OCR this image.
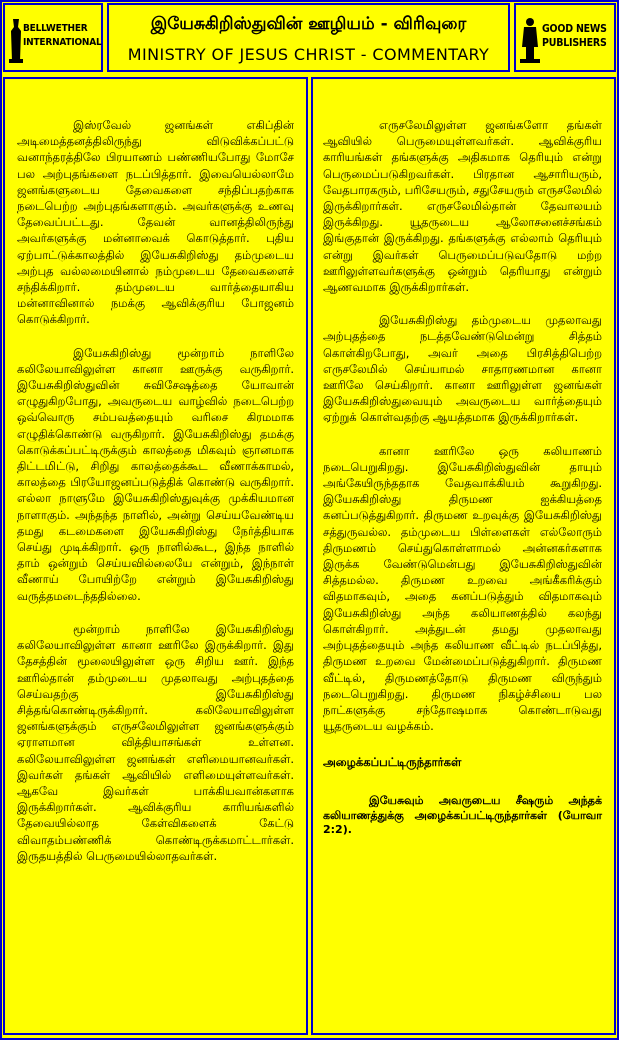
BELLWETHER
INTERNATIONAL
இயேசுகிறிஸ்துவின் ஊழியம் - விரிவுரை
MINISTRY OF JESUS CHRIST - COMMENTARY
GOOD NEWS
PUBLISHERS

இஸ்ரவேல் ஜனங்கள் எகிப்தின் அடிமைத்தனத்திலிருந்து விடுவிக்கப்பட்டு வனாந்தரத்திலே பிரயாணம் பண்ணியபோது மோசே பல அற்புதங்களை நடப்பித்தார். இவையெல்லாமே ஜனங்களுடைய தேவைகளை சந்திப்பதற்காக நடைபெற்ற அற்புதங்களாகும். அவர்களுக்கு உணவு தேவைப்பட்டது. தேவன் வானத்திலிருந்து அவர்களுக்கு மன்னாவைக் கொடுத்தார். புதிய ஏற்பாட்டுக்காலத்தில் இயேசுகிறிஸ்து தம்முடைய அற்புத வல்லமையினால் நம்முடைய தேவைகளைச் சந்திக்கிறார். தம்முடைய வார்த்தையாகிய மன்னாவினால் நமக்கு ஆவிக்குரிய போஜனம் கொடுக்கிறார்.

இயேசுகிறிஸ்து மூன்றாம் நாளிலே கலிலேயாவிலுள்ள கானா ஊருக்கு வருகிறார். இயேசுகிறிஸ்துவின் சுவிசேஷத்தை யோவான் எழுதுகிறபோது, அவருடைய வாழ்வில் நடைபெற்ற ஒவ்வொரு சம்பவத்தையும் வரிசை கிரமமாக எழுதிக்கொண்டு வருகிறார். இயேசுகிறிஸ்து தமக்கு கொடுக்கப்பட்டிருக்கும் காலத்தை மிகவும் ஞானமாக திட்டமிட்டு, சிறிது காலத்தைக்கூட வீணாக்காமல், காலத்தை பிரயோஜனப்படுத்திக் கொண்டு வருகிறார். எல்லா நாளுமே இயேசுகிறிஸ்துவுக்கு முக்கியமான நாளாகும். அந்தந்த நாளில், அன்று செய்யவேண்டிய தமது கடமைகளை இயேசுகிறிஸ்து நேர்த்தியாக செய்து முடிக்கிறார். ஒரு நாளில்கூட, இந்த நாளில் தாம் ஒன்றும் செய்யவில்லையே என்றும், இந்நாள் வீணாய் போயிற்றே என்றும் இயேசுகிறிஸ்து வருத்தமடைந்ததில்லை.

மூன்றாம் நாளிலே இயேசுகிறிஸ்து கலிலேயாவிலுள்ள கானா ஊரிலே இருக்கிறார். இது தேசத்தின் மூலையிலுள்ள ஒரு சிறிய ஊர். இந்த ஊரில்தான் தம்முடைய முதலாவது அற்புதத்தை செய்வதற்கு இயேசுகிறிஸ்து சித்தங்கொண்டிருக்கிறார். கலிலேயாவிலுள்ள ஜனங்களுக்கும் எருசலேமிலுள்ள ஜனங்களுக்கும் ஏராளமான வித்தியாசங்கள் உள்ளன. கலிலேயாவிலுள்ள ஜனங்கள் எளிமையானவர்கள். இவர்கள் தங்கள் ஆவியில் எளிமையுள்ளவர்கள். ஆகவே இவர்கள் பாக்கியவான்களாக இருக்கிறார்கள். ஆவிக்குரிய காரியங்களில் தேவையில்லாத கேள்விகளைக் கேட்டு விவாதம்பண்ணிக் கொண்டிருக்கமாட்டார்கள். இருதயத்தில் பெருமையில்லாதவர்கள்.

எருசலேமிலுள்ள ஜனங்களோ தங்கள் ஆவியில் பெருமையுள்ளவர்கள். ஆவிக்குரிய காரியங்கள் தங்களுக்கு அதிகமாக தெரியும் என்று பெருமைப்படுகிறவர்கள். பிரதான ஆசாரியரும், வேதபாரகரும், பரிசேயரும், சதுசேயரும் எருசலேமில் இருக்கிறார்கள். எருசலேமில்தான் தேவாலயம் இருக்கிறது. யூதருடைய ஆலோசனைச்சங்கம் இங்குதான் இருக்கிறது. தங்களுக்கு எல்லாம் தெரியும் என்று இவர்கள் பெருமைப்படுவதோடு மற்ற ஊரிலுள்ளவர்களுக்கு ஒன்றும் தெரியாது என்றும் ஆணவமாக இருக்கிறார்கள்.

இயேசுகிறிஸ்து தம்முடைய முதலாவது அற்புதத்தை நடத்தவேண்டுமென்று சித்தம் கொள்கிறபோது, அவர் அதை பிரசித்திபெற்ற எருசலேமில் செய்யாமல் சாதாரணமான கானா ஊரிலே செய்கிறார். கானா ஊரிலுள்ள ஜனங்கள் இயேசுகிறிஸ்துவையும் அவருடைய வார்த்தையும் ஏற்றுக் கொள்வதற்கு ஆயத்தமாக இருக்கிறார்கள்.

கானா ஊரிலே ஒரு கலியாணம் நடைபெறுகிறது. இயேசுகிறிஸ்துவின் தாயும் அங்கேயிருந்ததாக வேதவாக்கியம் கூறுகிறது. இயேசுகிறிஸ்து திருமண ஐக்கியத்தை கனப்படுத்துகிறார். திருமண உறவுக்கு இயேசுகிறிஸ்து சத்துருவல்ல. தம்முடைய பிள்ளைகள் எல்லோரும் திருமணம் செய்துகொள்ளாமல் அன்னகர்களாக இருக்க வேண்டுமென்பது இயேசுகிறிஸ்துவின் சித்தமல்ல. திருமண உறவை அங்கீகரிக்கும் விதமாகவும், அதை கனப்படுத்தும் விதமாகவும் இயேசுகிறிஸ்து அந்த கலியாணத்தில் கலந்து கொள்கிறார். அத்துடன் தமது முதலாவது அற்புதத்தையும் அந்த கலியாண வீட்டில் நடப்பித்து, திருமண உறவை மேன்மைப்படுத்துகிறார். திருமண வீட்டில், திருமணத்தோடு திருமண விருந்தும் நடைபெறுகிறது. திருமண நிகழ்ச்சியை பல நாட்களுக்கு சந்தோஷமாக கொண்டாடுவது யூதருடைய வழக்கம்.

அழைக்கப்பட்டிருந்தார்கள்
இயேசுவும் அவருடைய சீஷரும் அந்தக் கலியாணத்துக்கு அழைக்கப்பட்டிருந்தார்கள் (யோவா 2:2).
